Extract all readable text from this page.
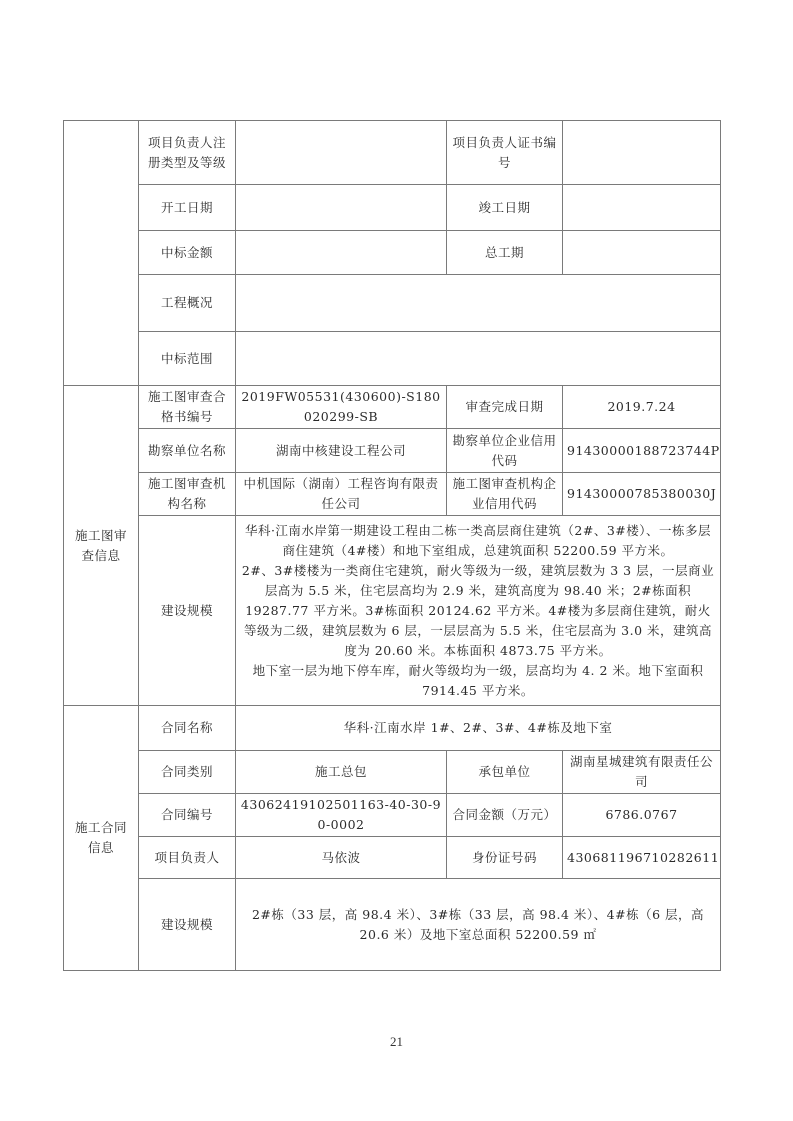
	项目负责人注册类型及等级		项目负责人证书编号	
	开工日期		竣工日期	
	中标金额		总工期	
	工程概况			
	中标范围			
施工图审查信息	施工图审查合格书编号	2019FW05531(430600)-S180020299-SB	审查完成日期	2019.7.24
	勘察单位名称	湖南中核建设工程公司	勘察单位企业信用代码	91430000188723744P
	施工图审查机构名称	中机国际（湖南）工程咨询有限责任公司	施工图审查机构企业信用代码	91430000785380030J
	建设规模	华科·江南水岸第一期建设工程由二栋一类高层商住建筑（2#、3#楼）、一栋多层商住建筑（4#楼）和地下室组成，总建筑面积 52200.59 平方米。

2#、3#楼楼为一类商住宅建筑，耐火等级为一级，建筑层数为 3 3 层，一层商业层高为 5.5 米，住宅层高均为 2.9 米，建筑高度为 98.40 米；2#栋面积 19287.77 平方米。3#栋面积 20124.62 平方米。4#楼为多层商住建筑，耐火等级为二级，建筑层数为 6 层，一层层高为 5.5 米，住宅层高为 3.0 米，建筑高度为 20.60 米。本栋面积 4873.75 平方米。

地下室一层为地下停车库，耐火等级均为一级，层高均为 4. 2 米。地下室面积 7914.45 平方米。		

施工合同信息	合同名称	华科·江南水岸 1#、2#、3#、4#栋及地下室		
	合同类别	施工总包	承包单位	湖南星城建筑有限责任公司
	合同编号	43062419102501163-40-30-90-0002	合同金额（万元）	6786.0767
	项目负责人	马依波	身份证号码	430681196710282611
	建设规模	2#栋（33 层，高 98.4 米）、3#栋（33 层，高 98.4 米）、4#栋（6 层，高 20.6 米）及地下室总面积 52200.59 ㎡		
21
